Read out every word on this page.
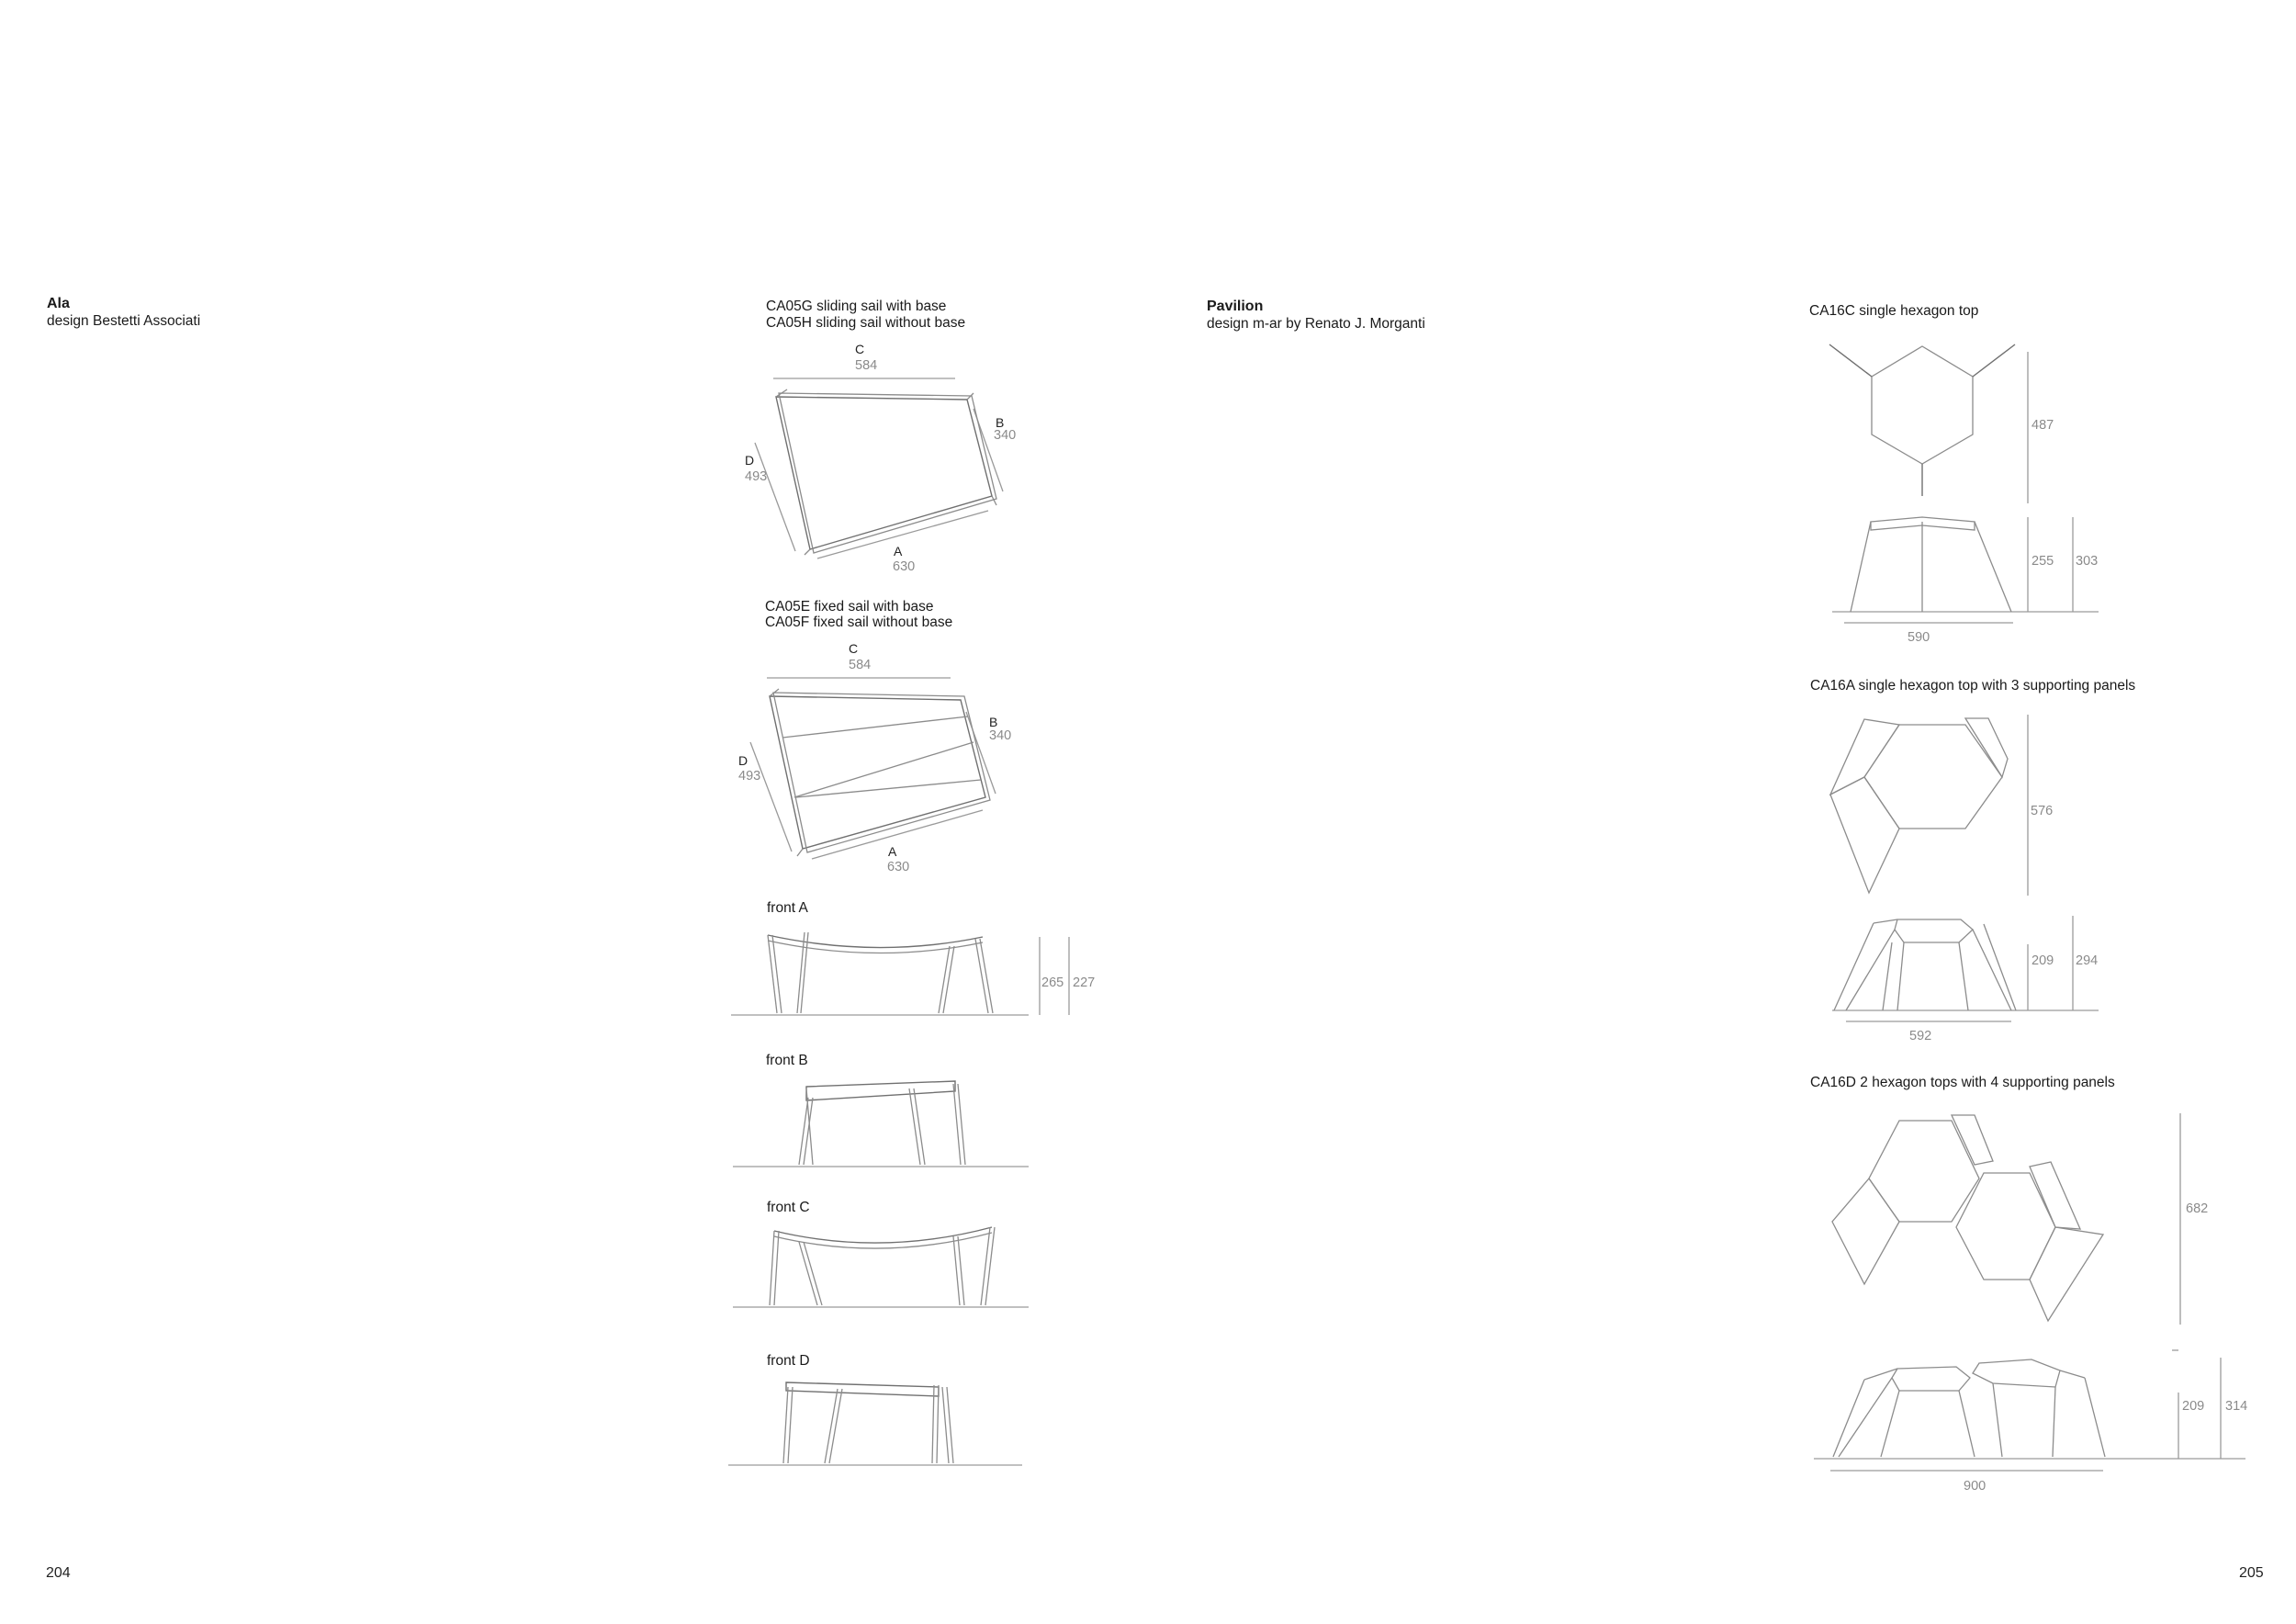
Ala
design Bestetti Associati
CA05G sliding sail with base
CA05H sliding sail without base
C
584
B
340
D
493
A
630
CA05E fixed sail with base
CA05F fixed sail without base
C
584
B
340
D
493
A
630
front A
265 227
front B
front C
front D
204
Pavilion
design m-ar by Renato J. Morganti
CA16C single hexagon top
487
255 303
590
CA16A single hexagon top with 3 supporting panels
576
209 294
592
CA16D 2 hexagon tops with 4 supporting panels
682
209 314
900
205
